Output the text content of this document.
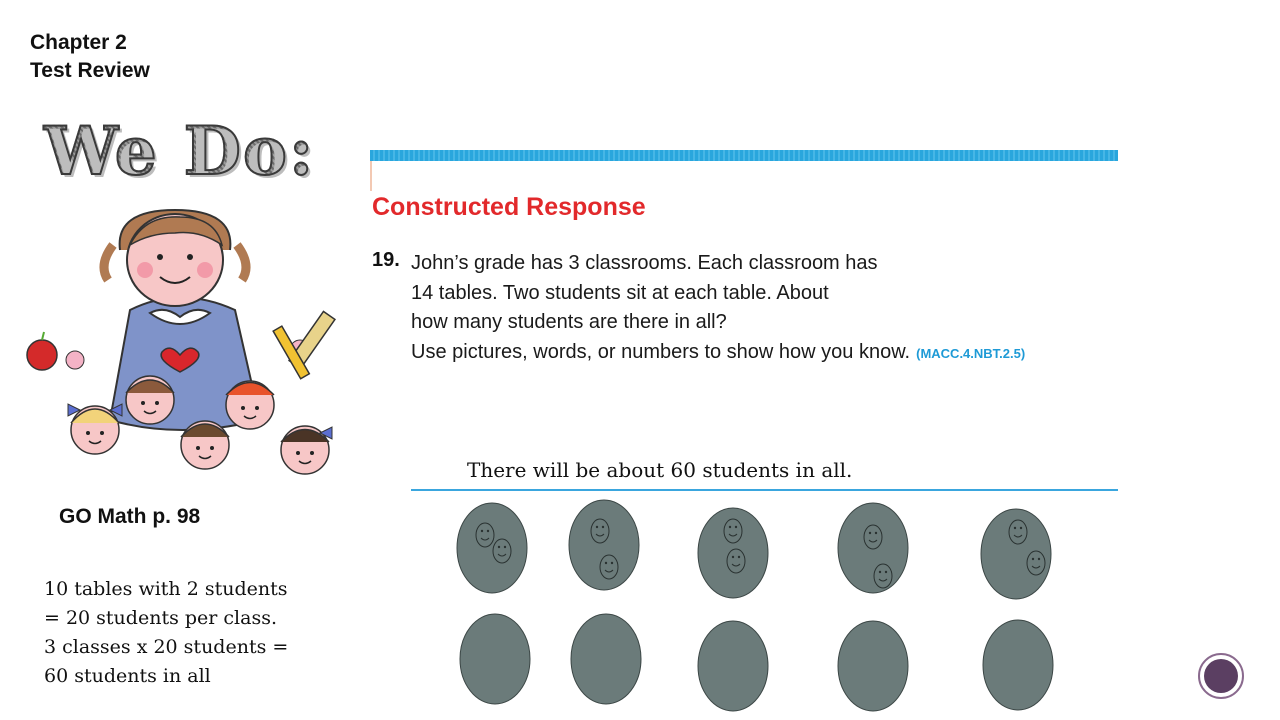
Chapter 2
Test Review
We Do:
GO Math p. 98
10 tables with 2 students
= 20 students per class.
3 classes x 20 students =
60 students in all
Constructed Response
19. John’s grade has 3 classrooms. Each classroom has
14 tables. Two students sit at each table. About
how many students are there in all?
Use pictures, words, or numbers to show how you know. (MACC.4.NBT.2.5)
There will be about 60 students in all.
